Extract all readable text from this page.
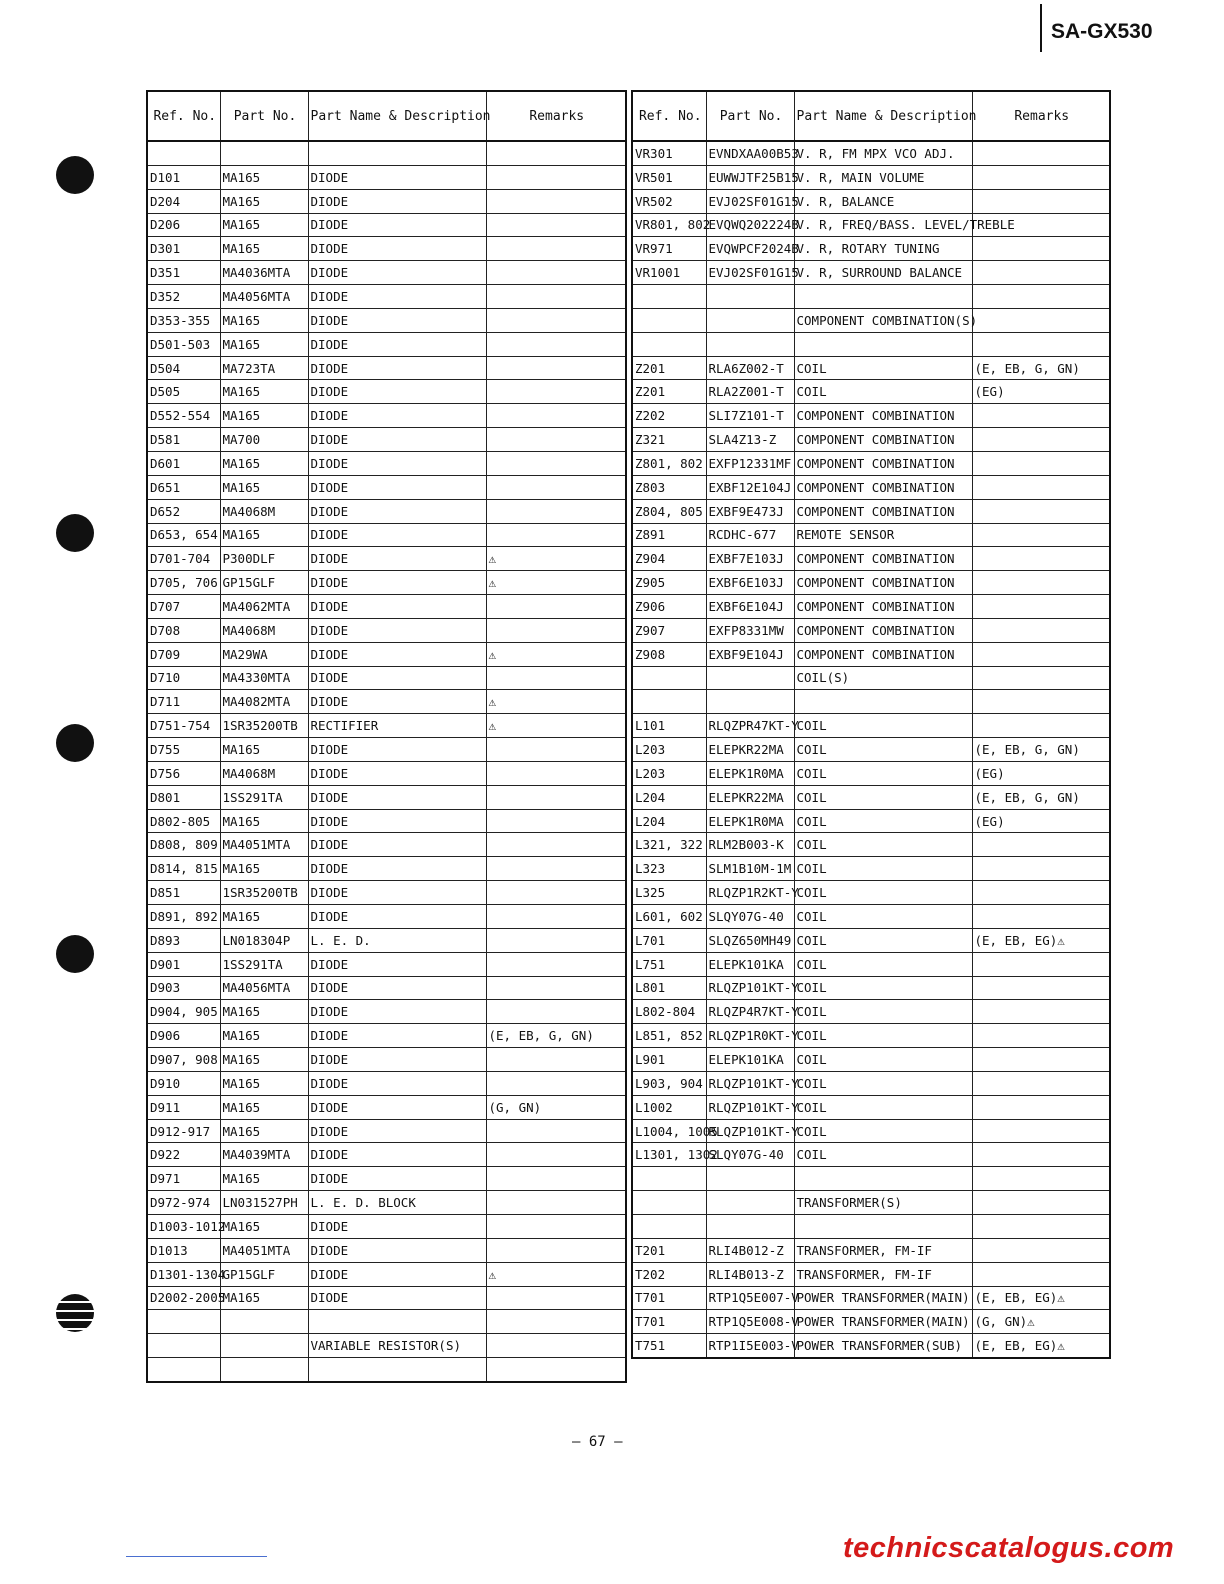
SA-GX530
Ref. No.	Part No.	Part Name & Description	Remarks

D101	MA165	DIODE	
D204	MA165	DIODE	
D206	MA165	DIODE	
D301	MA165	DIODE	
D351	MA4036MTA	DIODE	
D352	MA4056MTA	DIODE	
D353-355	MA165	DIODE	
D501-503	MA165	DIODE	
D504	MA723TA	DIODE	
D505	MA165	DIODE	
D552-554	MA165	DIODE	
D581	MA700	DIODE	
D601	MA165	DIODE	
D651	MA165	DIODE	
D652	MA4068M	DIODE	
D653, 654	MA165	DIODE	
D701-704	P300DLF	DIODE	⚠
D705, 706	GP15GLF	DIODE	⚠
D707	MA4062MTA	DIODE	
D708	MA4068M	DIODE	
D709	MA29WA	DIODE	⚠
D710	MA4330MTA	DIODE	
D711	MA4082MTA	DIODE	⚠
D751-754	1SR35200TB	RECTIFIER	⚠
D755	MA165	DIODE	
D756	MA4068M	DIODE	
D801	1SS291TA	DIODE	
D802-805	MA165	DIODE	
D808, 809	MA4051MTA	DIODE	
D814, 815	MA165	DIODE	
D851	1SR35200TB	DIODE	
D891, 892	MA165	DIODE	
D893	LN018304P	L. E. D.	
D901	1SS291TA	DIODE	
D903	MA4056MTA	DIODE	
D904, 905	MA165	DIODE	
D906	MA165	DIODE	(E, EB, G, GN)
D907, 908	MA165	DIODE	
D910	MA165	DIODE	
D911	MA165	DIODE	(G, GN)
D912-917	MA165	DIODE	
D922	MA4039MTA	DIODE	
D971	MA165	DIODE	
D972-974	LN031527PH	L. E. D. BLOCK	
D1003-1012	MA165	DIODE	
D1013	MA4051MTA	DIODE	
D1301-1304	GP15GLF	DIODE	⚠
D2002-2005	MA165	DIODE	

		VARIABLE RESISTOR(S)	

Ref. No.	Part No.	Part Name & Description	Remarks
VR301	EVNDXAA00B53	V. R, FM MPX VCO ADJ.	
VR501	EUWWJTF25B15	V. R, MAIN VOLUME	
VR502	EVJ02SF01G15	V. R, BALANCE	
VR801, 802	EVQWQ202224B	V. R, FREQ/BASS. LEVEL/TREBLE	
VR971	EVQWPCF2024B	V. R, ROTARY TUNING	
VR1001	EVJ02SF01G15	V. R, SURROUND BALANCE	

		COMPONENT COMBINATION(S)	

Z201	RLA6Z002-T	COIL	(E, EB, G, GN)
Z201	RLA2Z001-T	COIL	(EG)
Z202	SLI7Z101-T	COMPONENT COMBINATION	
Z321	SLA4Z13-Z	COMPONENT COMBINATION	
Z801, 802	EXFP12331MF	COMPONENT COMBINATION	
Z803	EXBF12E104J	COMPONENT COMBINATION	
Z804, 805	EXBF9E473J	COMPONENT COMBINATION	
Z891	RCDHC-677	REMOTE SENSOR	
Z904	EXBF7E103J	COMPONENT COMBINATION	
Z905	EXBF6E103J	COMPONENT COMBINATION	
Z906	EXBF6E104J	COMPONENT COMBINATION	
Z907	EXFP8331MW	COMPONENT COMBINATION	
Z908	EXBF9E104J	COMPONENT COMBINATION	
		COIL(S)	

L101	RLQZPR47KT-Y	COIL	
L203	ELEPKR22MA	COIL	(E, EB, G, GN)
L203	ELEPK1R0MA	COIL	(EG)
L204	ELEPKR22MA	COIL	(E, EB, G, GN)
L204	ELEPK1R0MA	COIL	(EG)
L321, 322	RLM2B003-K	COIL	
L323	SLM1B10M-1M	COIL	
L325	RLQZP1R2KT-Y	COIL	
L601, 602	SLQY07G-40	COIL	
L701	SLQZ650MH49	COIL	(E, EB, EG)⚠
L751	ELEPK101KA	COIL	
L801	RLQZP101KT-Y	COIL	
L802-804	RLQZP4R7KT-Y	COIL	
L851, 852	RLQZP1R0KT-Y	COIL	
L901	ELEPK101KA	COIL	
L903, 904	RLQZP101KT-Y	COIL	
L1002	RLQZP101KT-Y	COIL	
L1004, 1005	RLQZP101KT-Y	COIL	
L1301, 1302	SLQY07G-40	COIL	

		TRANSFORMER(S)	

T201	RLI4B012-Z	TRANSFORMER, FM-IF	
T202	RLI4B013-Z	TRANSFORMER, FM-IF	
T701	RTP1Q5E007-V	POWER TRANSFORMER(MAIN)	(E, EB, EG)⚠
T701	RTP1Q5E008-V	POWER TRANSFORMER(MAIN)	(G, GN)⚠
T751	RTP1I5E003-V	POWER TRANSFORMER(SUB)	(E, EB, EG)⚠
— 67 —
technicscatalogus.com
